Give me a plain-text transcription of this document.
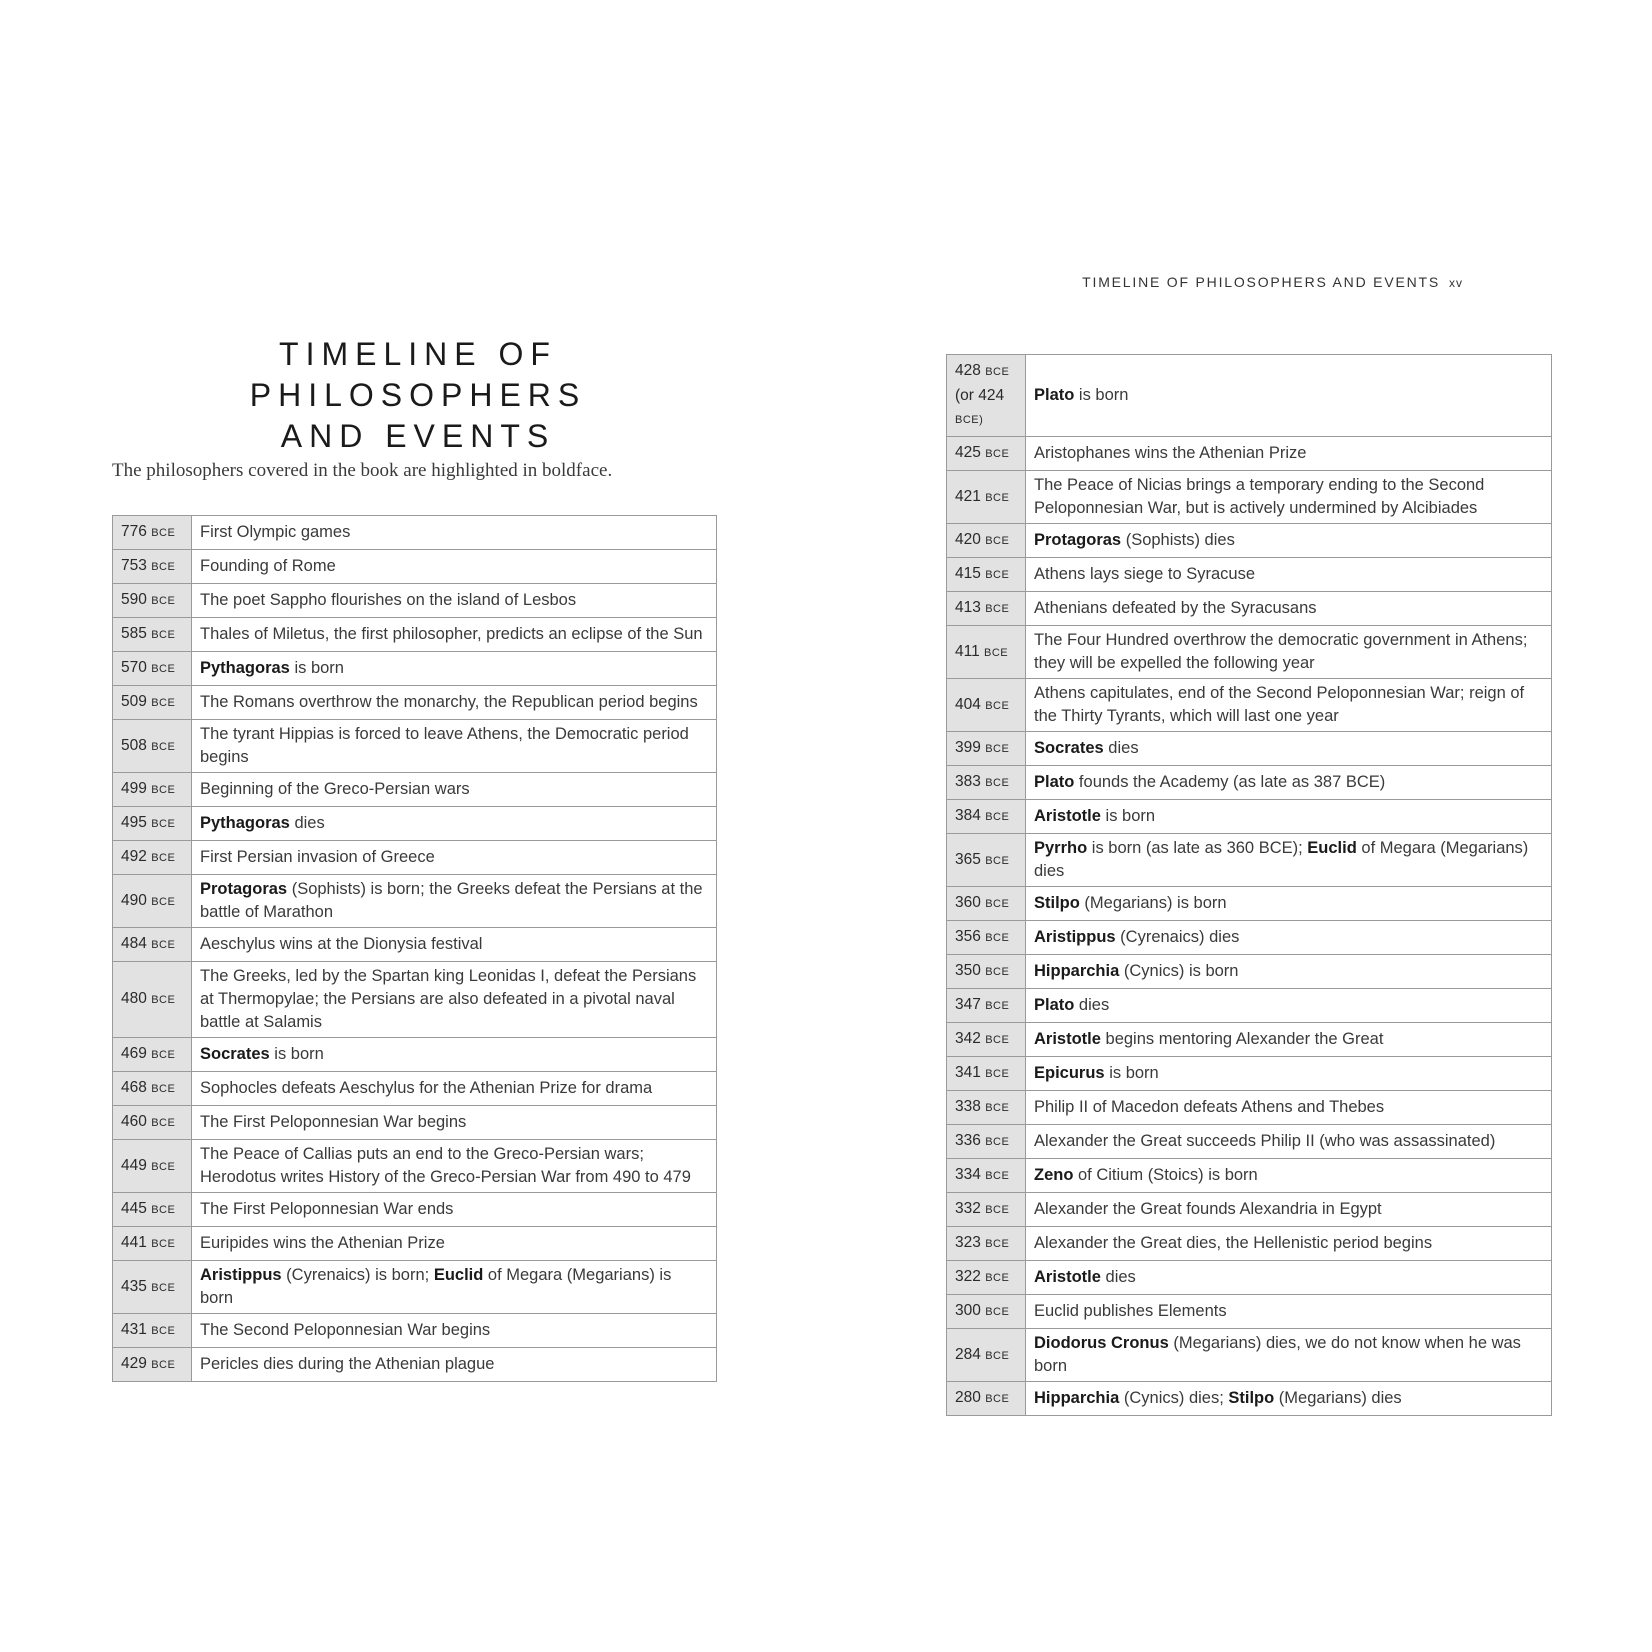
TIMELINE OF PHILOSOPHERS
AND EVENTS
The philosophers covered in the book are highlighted in boldface.
776 BCE	First Olympic games
753 BCE	Founding of Rome
590 BCE	The poet Sappho flourishes on the island of Lesbos
585 BCE	Thales of Miletus, the first philosopher, predicts an eclipse of the Sun
570 BCE	Pythagoras is born
509 BCE	The Romans overthrow the monarchy, the Republican period begins
508 BCE	The tyrant Hippias is forced to leave Athens, the Democratic period begins
499 BCE	Beginning of the Greco-Persian wars
495 BCE	Pythagoras dies
492 BCE	First Persian invasion of Greece
490 BCE	Protagoras (Sophists) is born; the Greeks defeat the Persians at the battle of Marathon
484 BCE	Aeschylus wins at the Dionysia festival
480 BCE	The Greeks, led by the Spartan king Leonidas I, defeat the Persians at Thermopylae; the Persians are also defeated in a pivotal naval battle at Salamis
469 BCE	Socrates is born
468 BCE	Sophocles defeats Aeschylus for the Athenian Prize for drama
460 BCE	The First Peloponnesian War begins
449 BCE	The Peace of Callias puts an end to the Greco-Persian wars; Herodotus writes History of the Greco-Persian War from 490 to 479
445 BCE	The First Peloponnesian War ends
441 BCE	Euripides wins the Athenian Prize
435 BCE	Aristippus (Cyrenaics) is born; Euclid of Megara (Megarians) is born
431 BCE	The Second Peloponnesian War begins
429 BCE	Pericles dies during the Athenian plague
TIMELINE OF PHILOSOPHERS AND EVENTS xv
428 BCE
(or 424
BCE)	Plato is born
425 BCE	Aristophanes wins the Athenian Prize
421 BCE	The Peace of Nicias brings a temporary ending to the Second Peloponnesian War, but is actively undermined by Alcibiades
420 BCE	Protagoras (Sophists) dies
415 BCE	Athens lays siege to Syracuse
413 BCE	Athenians defeated by the Syracusans
411 BCE	The Four Hundred overthrow the democratic government in Athens; they will be expelled the following year
404 BCE	Athens capitulates, end of the Second Peloponnesian War; reign of the Thirty Tyrants, which will last one year
399 BCE	Socrates dies
383 BCE	Plato founds the Academy (as late as 387 BCE)
384 BCE	Aristotle is born
365 BCE	Pyrrho is born (as late as 360 BCE); Euclid of Megara (Megarians) dies
360 BCE	Stilpo (Megarians) is born
356 BCE	Aristippus (Cyrenaics) dies
350 BCE	Hipparchia (Cynics) is born
347 BCE	Plato dies
342 BCE	Aristotle begins mentoring Alexander the Great
341 BCE	Epicurus is born
338 BCE	Philip II of Macedon defeats Athens and Thebes
336 BCE	Alexander the Great succeeds Philip II (who was assassinated)
334 BCE	Zeno of Citium (Stoics) is born
332 BCE	Alexander the Great founds Alexandria in Egypt
323 BCE	Alexander the Great dies, the Hellenistic period begins
322 BCE	Aristotle dies
300 BCE	Euclid publishes Elements
284 BCE	Diodorus Cronus (Megarians) dies, we do not know when he was born
280 BCE	Hipparchia (Cynics) dies; Stilpo (Megarians) dies
